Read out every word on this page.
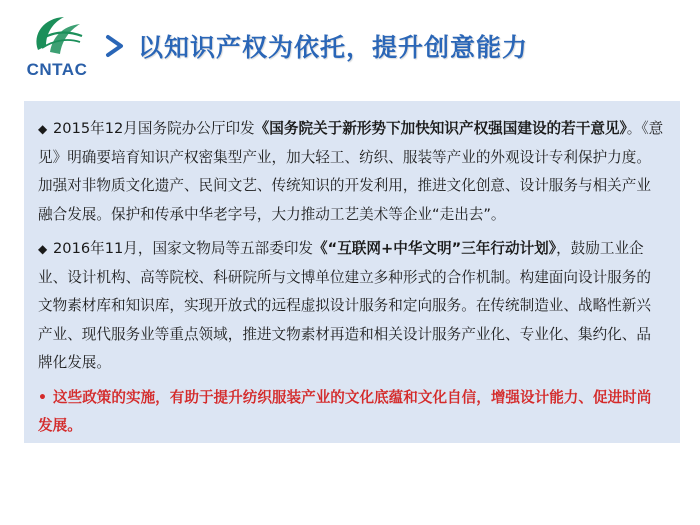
CNTAC
以知识产权为依托，提升创意能力

◆ 2015年12月国务院办公厅印发《国务院关于新形势下加快知识产权强国建设的若干意见》。《意见》明确要培育知识产权密集型产业，加大轻工、纺织、服装等产业的外观设计专利保护力度。加强对非物质文化遗产、民间文艺、传统知识的开发利用，推进文化创意、设计服务与相关产业融合发展。保护和传承中华老字号，大力推动工艺美术等企业“走出去”。

◆ 2016年11月，国家文物局等五部委印发《“互联网+中华文明”三年行动计划》，鼓励工业企业、设计机构、高等院校、科研院所与文博单位建立多种形式的合作机制。构建面向设计服务的文物素材库和知识库，实现开放式的远程虚拟设计服务和定向服务。在传统制造业、战略性新兴产业、现代服务业等重点领域，推进文物素材再造和相关设计服务产业化、专业化、集约化、品牌化发展。

• 这些政策的实施，有助于提升纺织服装产业的文化底蕴和文化自信，增强设计能力、促进时尚发展。
